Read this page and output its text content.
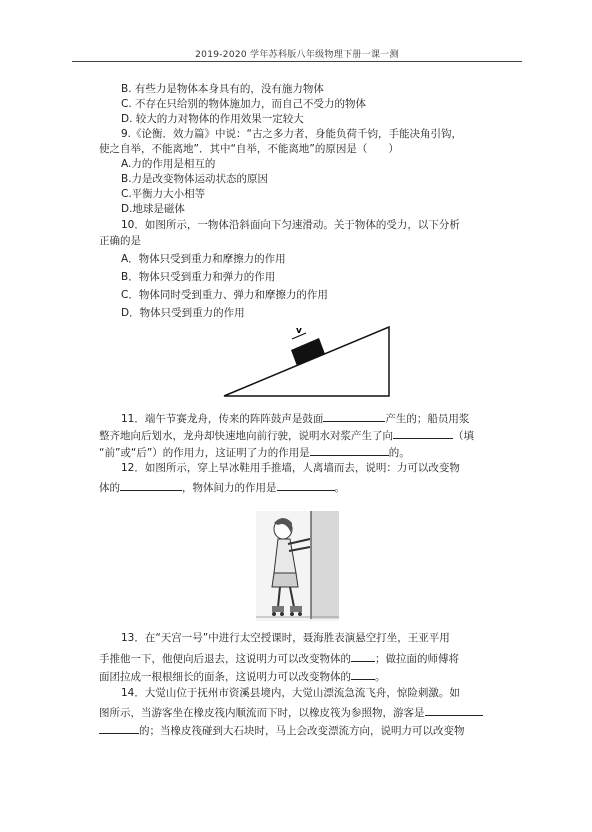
2019-2020 学年苏科版八年级物理下册一课一测
B. 有些力是物体本身具有的，没有施力物体
C. 不存在只给别的物体施加力，而自己不受力的物体
D. 较大的力对物体的作用效果一定较大
9.《论衡．效力篇》中说：“古之多力者，身能负荷千钧，手能决角引钩，
使之自举，不能离地”．其中“自举，不能离地”的原因是（　　）
A.力的作用是相互的
B.力是改变物体运动状态的原因
C.平衡力大小相等
D.地球是磁体
10．如图所示，一物体沿斜面向下匀速滑动。关于物体的受力，以下分析
正确的是
A．物体只受到重力和摩擦力的作用
B．物体只受到重力和弹力的作用
C．物体同时受到重力、弹力和摩擦力的作用
D．物体只受到重力的作用
v
11．端午节赛龙舟，传来的阵阵鼓声是鼓面	产生的；船员用浆
整齐地向后划水，龙舟却快速地向前行驶，说明水对浆产生了向	（填
“前”或“后”）的作用力，这证明了力的作用是	的。
12．如图所示，穿上旱冰鞋用手推墙，人离墙而去，说明：力可以改变物
体的	，物体间力的作用是	。
13．在“天宫一号”中进行太空授课时，聂海胜表演悬空打坐，王亚平用
手推他一下，他便向后退去，这说明力可以改变物体的 ；做拉面的师傅将
面团拉成一根根细长的面条，这说明力可以改变物体的 。
14．大觉山位于抚州市资溪县境内，大觉山漂流急流飞舟，惊险刺激。如
图所示，当游客坐在橡皮筏内顺流而下时，以橡皮筏为参照物，游客是
的；当橡皮筏碰到大石块时，马上会改变漂流方向，说明力可以改变物
